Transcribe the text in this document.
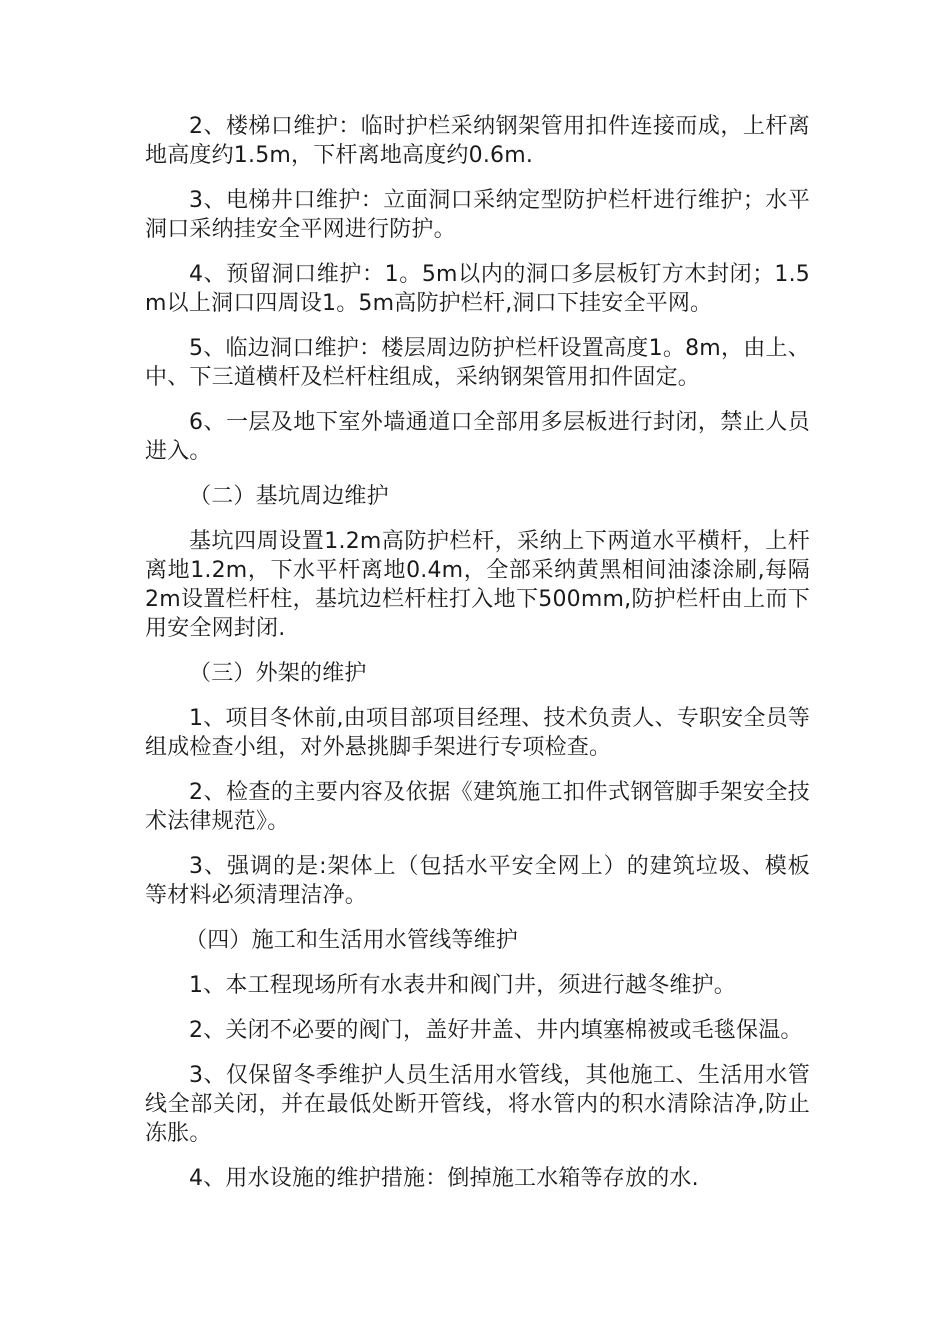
2、楼梯口维护：临时护栏采纳钢架管用扣件连接而成，上杆离地高度约1.5m，下杆离地高度约0.6m.

3、电梯井口维护：立面洞口采纳定型防护栏杆进行维护；水平洞口采纳挂安全平网进行防护。

4、预留洞口维护：1。5m以内的洞口多层板钉方木封闭；1.5m以上洞口四周设1。5m高防护栏杆,洞口下挂安全平网。

5、临边洞口维护：楼层周边防护栏杆设置高度1。8m，由上、中、下三道横杆及栏杆柱组成，采纳钢架管用扣件固定。

6、一层及地下室外墙通道口全部用多层板进行封闭，禁止人员进入。

（二）基坑周边维护

基坑四周设置1.2m高防护栏杆，采纳上下两道水平横杆，上杆离地1.2m，下水平杆离地0.4m，全部采纳黄黑相间油漆涂刷,每隔2m设置栏杆柱，基坑边栏杆柱打入地下500mm,防护栏杆由上而下用安全网封闭.

（三）外架的维护

1、项目冬休前,由项目部项目经理、技术负责人、专职安全员等组成检查小组，对外悬挑脚手架进行专项检查。

2、检查的主要内容及依据《建筑施工扣件式钢管脚手架安全技术法律规范》。

3、强调的是:架体上（包括水平安全网上）的建筑垃圾、模板等材料必须清理洁净。

（四）施工和生活用水管线等维护

1、本工程现场所有水表井和阀门井，须进行越冬维护。

2、关闭不必要的阀门，盖好井盖、井内填塞棉被或毛毯保温。

3、仅保留冬季维护人员生活用水管线，其他施工、生活用水管线全部关闭，并在最低处断开管线，将水管内的积水清除洁净,防止冻胀。

4、用水设施的维护措施：倒掉施工水箱等存放的水.
